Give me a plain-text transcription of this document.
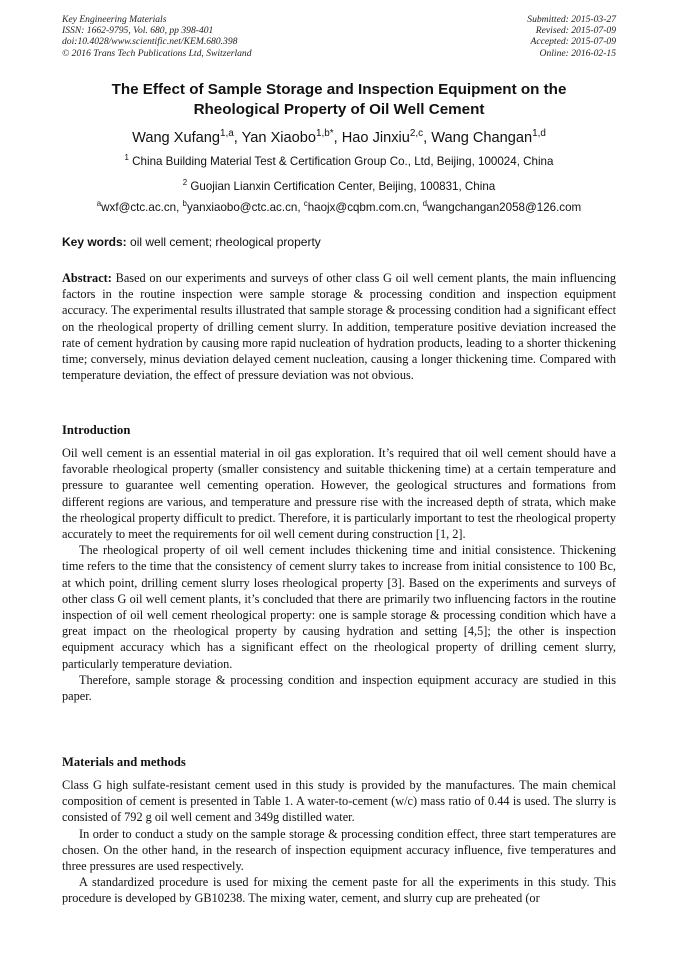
Key Engineering Materials
ISSN: 1662-9795, Vol. 680, pp 398-401
doi:10.4028/www.scientific.net/KEM.680.398
© 2016 Trans Tech Publications Ltd, Switzerland
Submitted: 2015-03-27
Revised: 2015-07-09
Accepted: 2015-07-09
Online: 2016-02-15
The Effect of Sample Storage and Inspection Equipment on the
Rheological Property of Oil Well Cement
Wang Xufang$^{1,a}$, Yan Xiaobo$^{1,b*}$, Hao Jinxiu$^{2,c}$, Wang Changan$^{1,d}$
$^1$ China Building Material Test & Certification Group Co., Ltd, Beijing, 100024, China
$^2$ Guojian Lianxin Certification Center, Beijing, 100831, China
$^a$wxf@ctc.ac.cn, $^b$yanxiaobo@ctc.ac.cn, $^c$haojx@cqbm.com.cn, $^d$wangchangan2058@126.com
Key words: oil well cement; rheological property

Abstract: Based on our experiments and surveys of other class G oil well cement plants, the main influencing factors in the routine inspection were sample storage & processing condition and inspection equipment accuracy. The experimental results illustrated that sample storage & processing condition had a significant effect on the rheological property of drilling cement slurry. In addition, temperature positive deviation increased the rate of cement hydration by causing more rapid nucleation of hydration products, leading to a shorter thickening time; conversely, minus deviation delayed cement nucleation, causing a longer thickening time. Compared with temperature deviation, the effect of pressure deviation was not obvious.

Introduction

Oil well cement is an essential material in oil gas exploration. It’s required that oil well cement should have a favorable rheological property (smaller consistency and suitable thickening time) at a certain temperature and pressure to guarantee well cementing operation. However, the geological structures and formations from different regions are various, and temperature and pressure rise with the increased depth of strata, which make the rheological property difficult to predict. Therefore, it is particularly important to test the rheological property accurately to meet the requirements for oil well cement during construction [1, 2].

The rheological property of oil well cement includes thickening time and initial consistence. Thickening time refers to the time that the consistency of cement slurry takes to increase from initial consistence to 100 Bc, at which point, drilling cement slurry loses rheological property [3]. Based on the experiments and surveys of other class G oil well cement plants, it’s concluded that there are primarily two influencing factors in the routine inspection of oil well cement rheological property: one is sample storage & processing condition which have a great impact on the rheological property by causing hydration and setting [4,5]; the other is inspection equipment accuracy which has a significant effect on the rheological property of drilling cement slurry, particularly temperature deviation.

Therefore, sample storage & processing condition and inspection equipment accuracy are studied in this paper.

Materials and methods

Class G high sulfate-resistant cement used in this study is provided by the manufactures. The main chemical composition of cement is presented in Table 1. A water-to-cement (w/c) mass ratio of 0.44 is used. The slurry is consisted of 792 g oil well cement and 349g distilled water.

In order to conduct a study on the sample storage & processing condition effect, three start temperatures are chosen. On the other hand, in the research of inspection equipment accuracy influence, five temperatures and three pressures are used respectively.

A standardized procedure is used for mixing the cement paste for all the experiments in this study. This procedure is developed by GB10238. The mixing water, cement, and slurry cup are preheated (or
